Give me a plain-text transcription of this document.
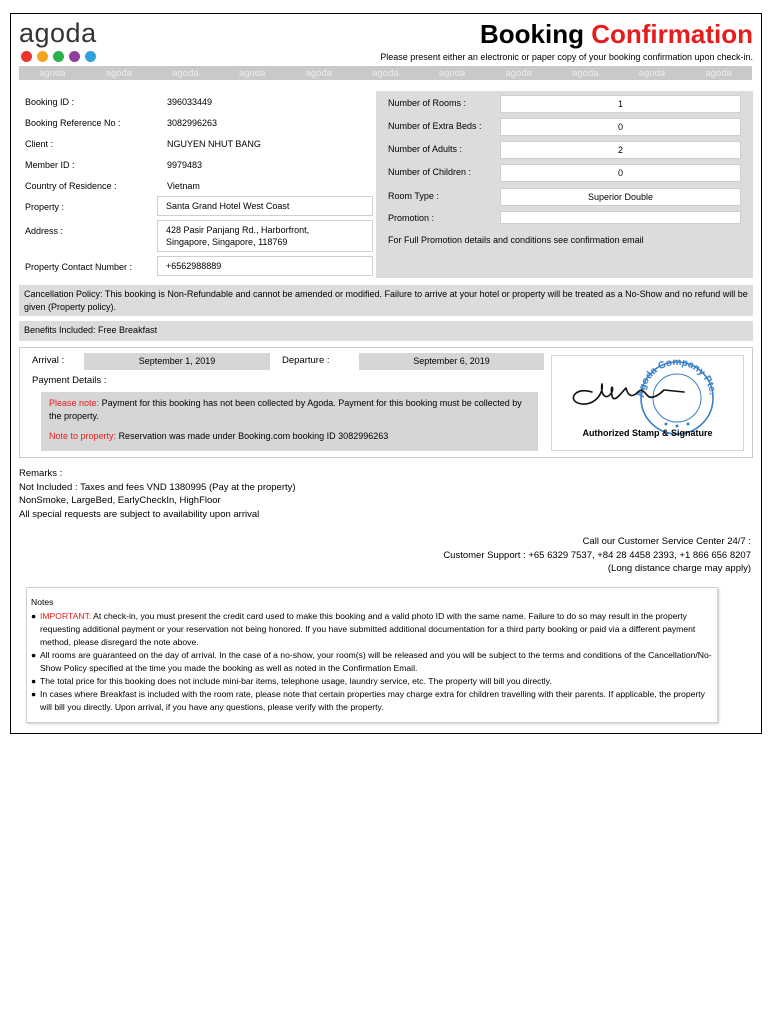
agoda	Booking Confirmation
Please present either an electronic or paper copy of your booking confirmation upon check-in.
agoda	agoda	agoda	agoda	agoda	agoda	agoda	agoda	agoda	agoda	agoda
Booking ID :	396033449
Booking Reference No :	3082996263
Client :	NGUYEN NHUT BANG
Member ID :	9979483
Country of Residence :	Vietnam
Property :	Santa Grand Hotel West Coast
Address :	428 Pasir Panjang Rd., Harborfront,
Singapore, Singapore, 118769
Property Contact Number :	+6562988889
Number of Rooms :	1
Number of Extra Beds :	0
Number of Adults :	2
Number of Children :	0
Room Type :	Superior Double
Promotion :
For Full Promotion details and conditions see confirmation email
Cancellation Policy: This booking is Non-Refundable and cannot be amended or modified. Failure to arrive at your hotel or property will be treated as a No-Show and no refund will be given (Property policy).
Benefits Included: Free Breakfast
Arrival :	September 1, 2019	Departure :	September 6, 2019
Payment Details :
Please note: Payment for this booking has not been collected by Agoda. Payment for this booking must be collected by the property.
Note to property: Reservation was made under Booking.com booking ID 3082996263
Agoda Company Pte.
Authorized Stamp & Signature
Remarks :
Not Included : Taxes and fees VND 1380995 (Pay at the property)
NonSmoke, LargeBed, EarlyCheckIn, HighFloor
All special requests are subject to availability upon arrival
Call our Customer Service Center 24/7 :
Customer Support : +65 6329 7537, +84 28 4458 2393, +1 866 656 8207
(Long distance charge may apply)
Notes
● IMPORTANT: At check-in, you must present the credit card used to make this booking and a valid photo ID with the same name. Failure to do so may result in the property requesting additional payment or your reservation not being honored. If you have submitted additional documentation for a third party booking or paid via a different payment method, please disregard the note above.
● All rooms are guaranteed on the day of arrival. In the case of a no-show, your room(s) will be released and you will be subject to the terms and conditions of the Cancellation/No-Show Policy specified at the time you made the booking as well as noted in the Confirmation Email.
● The total price for this booking does not include mini-bar items, telephone usage, laundry service, etc. The property will bill you directly.
● In cases where Breakfast is included with the room rate, please note that certain properties may charge extra for children travelling with their parents. If applicable, the property will bill you directly. Upon arrival, if you have any questions, please verify with the property.
